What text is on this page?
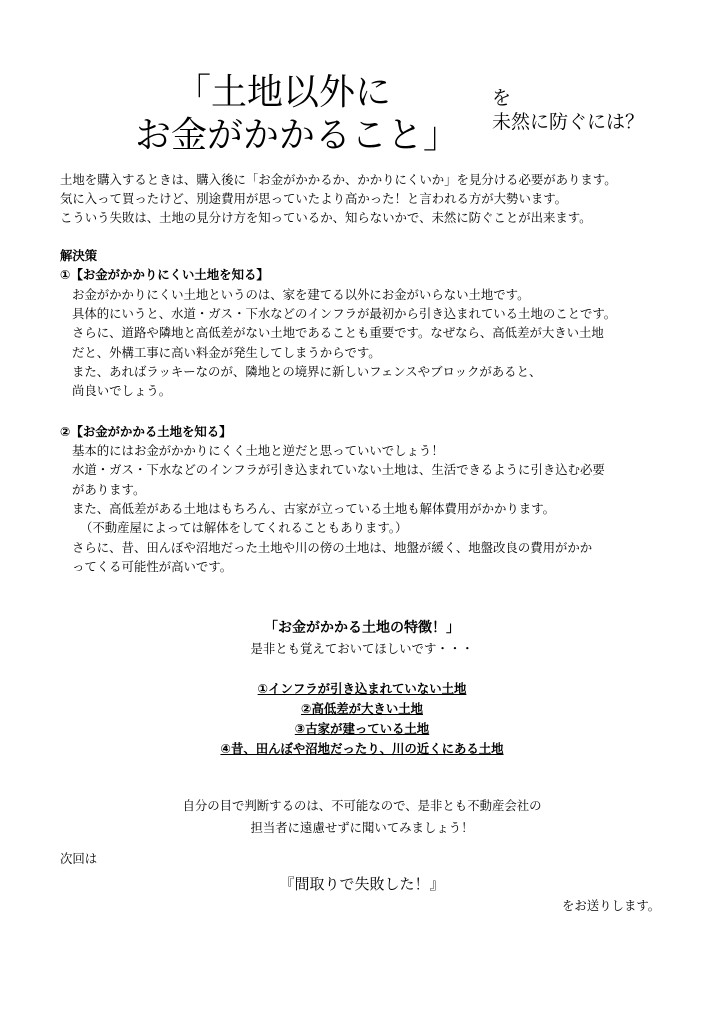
「土地以外に
お金がかかること」
を
未然に防ぐには？
土地を購入するときは、購入後に「お金がかかるか、かかりにくいか」を見分ける必要があります。
気に入って買ったけど、別途費用が思っていたより高かった！と言われる方が大勢います。
こういう失敗は、土地の見分け方を知っているか、知らないかで、未然に防ぐことが出来ます。
解決策
①【お金がかかりにくい土地を知る】
お金がかかりにくい土地というのは、家を建てる以外にお金がいらない土地です。
具体的にいうと、水道・ガス・下水などのインフラが最初から引き込まれている土地のことです。
さらに、道路や隣地と高低差がない土地であることも重要です。なぜなら、高低差が大きい土地
だと、外構工事に高い料金が発生してしまうからです。
また、あればラッキーなのが、隣地との境界に新しいフェンスやブロックがあると、
尚良いでしょう。
②【お金がかかる土地を知る】
基本的にはお金がかかりにくく土地と逆だと思っていいでしょう！
水道・ガス・下水などのインフラが引き込まれていない土地は、生活できるように引き込む必要
があります。
また、高低差がある土地はもちろん、古家が立っている土地も解体費用がかかります。
（不動産屋によっては解体をしてくれることもあります。）
さらに、昔、田んぼや沼地だった土地や川の傍の土地は、地盤が緩く、地盤改良の費用がかか
ってくる可能性が高いです。
「お金がかかる土地の特徴！」
是非とも覚えておいてほしいです・・・
①インフラが引き込まれていない土地
②高低差が大きい土地
③古家が建っている土地
④昔、田んぼや沼地だったり、川の近くにある土地
自分の目で判断するのは、不可能なので、是非とも不動産会社の
担当者に遠慮せずに聞いてみましょう！
次回は
『間取りで失敗した！』
をお送りします。
